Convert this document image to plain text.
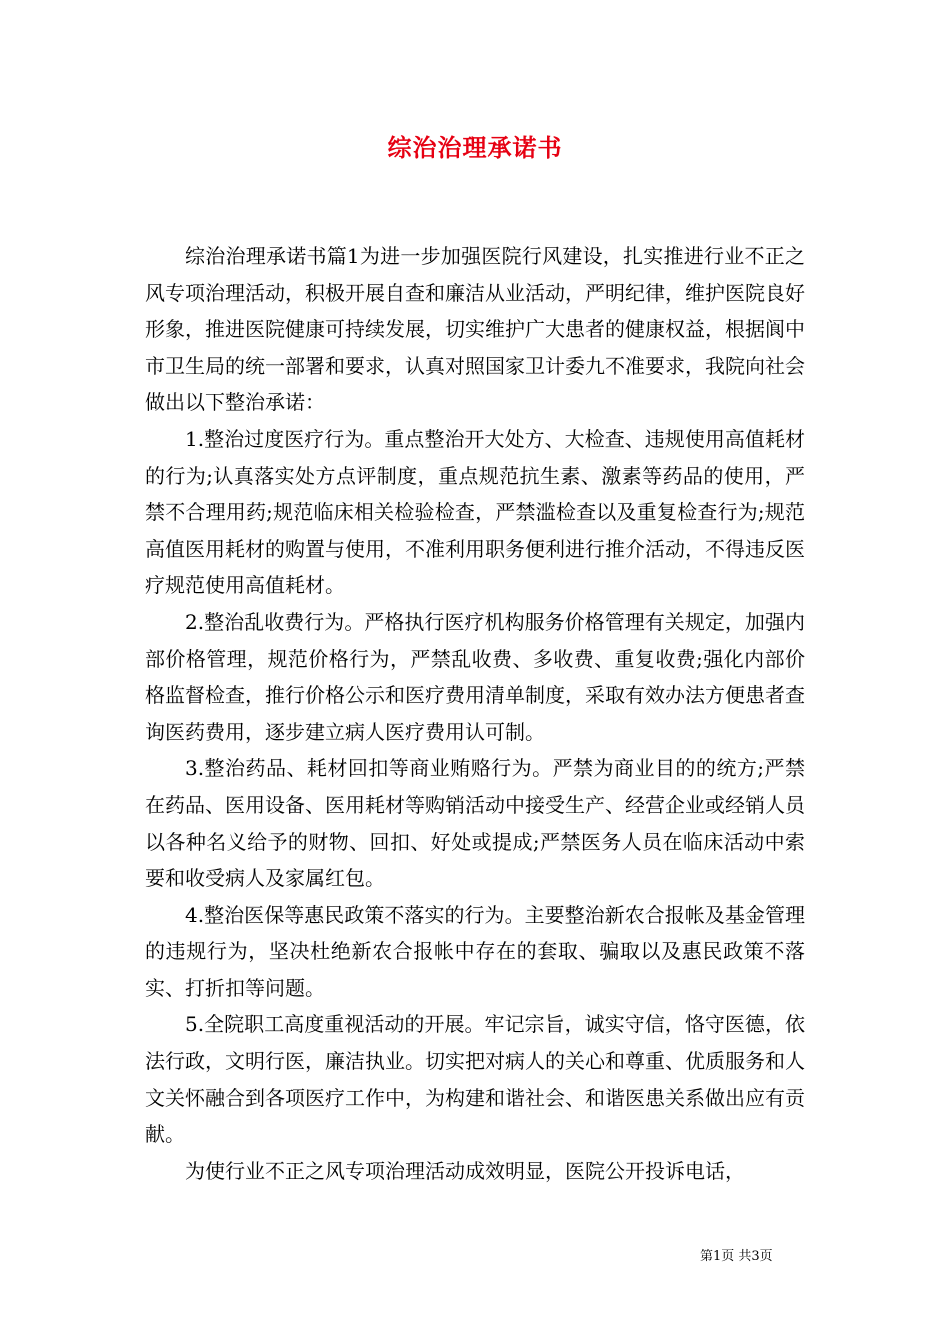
综治治理承诺书

综治治理承诺书篇1为进一步加强医院行风建设，扎实推进行业不正之风专项治理活动，积极开展自查和廉洁从业活动，严明纪律，维护医院良好形象，推进医院健康可持续发展，切实维护广大患者的健康权益，根据阆中市卫生局的统一部署和要求，认真对照国家卫计委九不准要求，我院向社会做出以下整治承诺：

1.整治过度医疗行为。重点整治开大处方、大检查、违规使用高值耗材的行为;认真落实处方点评制度，重点规范抗生素、激素等药品的使用，严禁不合理用药;规范临床相关检验检查，严禁滥检查以及重复检查行为;规范高值医用耗材的购置与使用，不准利用职务便利进行推介活动，不得违反医疗规范使用高值耗材。

2.整治乱收费行为。严格执行医疗机构服务价格管理有关规定，加强内部价格管理，规范价格行为，严禁乱收费、多收费、重复收费;强化内部价格监督检查，推行价格公示和医疗费用清单制度，采取有效办法方便患者查询医药费用，逐步建立病人医疗费用认可制。

3.整治药品、耗材回扣等商业贿赂行为。严禁为商业目的的统方;严禁在药品、医用设备、医用耗材等购销活动中接受生产、经营企业或经销人员以各种名义给予的财物、回扣、好处或提成;严禁医务人员在临床活动中索要和收受病人及家属红包。

4.整治医保等惠民政策不落实的行为。主要整治新农合报帐及基金管理的违规行为，坚决杜绝新农合报帐中存在的套取、骗取以及惠民政策不落实、打折扣等问题。

5.全院职工高度重视活动的开展。牢记宗旨，诚实守信，恪守医德，依法行政，文明行医，廉洁执业。切实把对病人的关心和尊重、优质服务和人文关怀融合到各项医疗工作中，为构建和谐社会、和谐医患关系做出应有贡献。

为使行业不正之风专项治理活动成效明显，医院公开投诉电话，

第1页 共3页
